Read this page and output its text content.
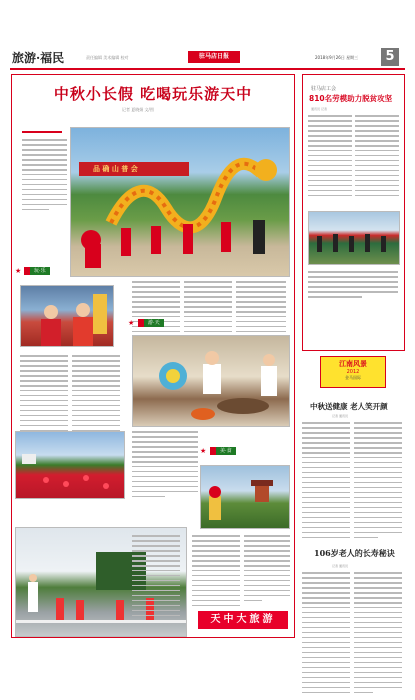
旅游·福民	责任编辑 美术编辑 校对	驻马店日报	2018年9月26日 星期三	5
中秋小长假 吃喝玩乐游天中
记者 夏晓娟 文/图
品 确 山 普 会
★	玩·乐
★	游·天
★	美·食
天中大旅游
驻马店工会
810名劳模助力脱贫攻坚
通讯员 记者
江南风景
2012
金马国际
中秋送健康 老人笑开颜
记者 通讯员
106岁老人的长寿秘诀
记者 通讯员
